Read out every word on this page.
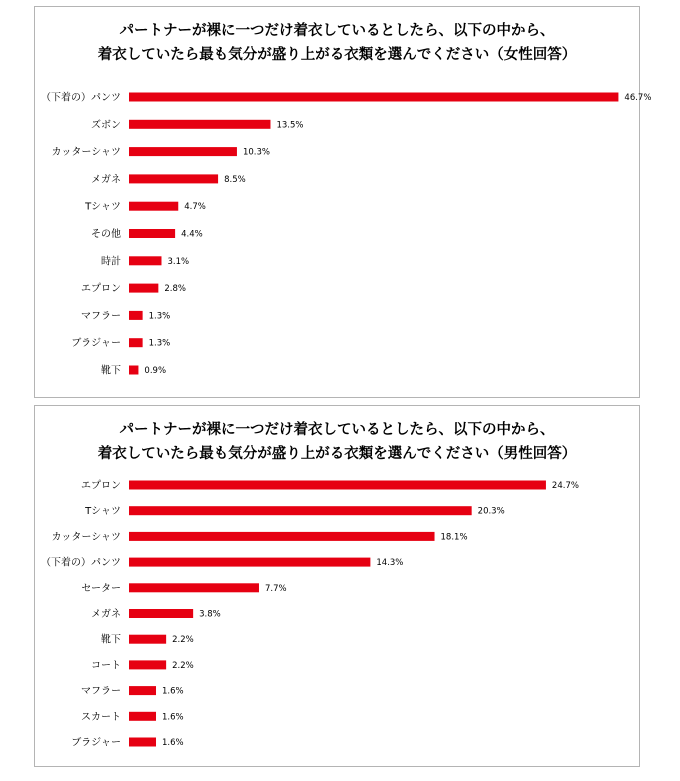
パートナーが裸に一つだけ着衣しているとしたら、以下の中から、
着衣していたら最も気分が盛り上がる衣類を選んでください（女性回答）
（下着の）パンツ	46.7%
ズボン	13.5%
カッターシャツ	10.3%
メガネ	8.5%
Tシャツ	4.7%
その他	4.4%
時計	3.1%
エプロン	2.8%
マフラー	1.3%
ブラジャー	1.3%
靴下	0.9%
パートナーが裸に一つだけ着衣しているとしたら、以下の中から、
着衣していたら最も気分が盛り上がる衣類を選んでください（男性回答）
エプロン	24.7%
Tシャツ	20.3%
カッターシャツ	18.1%
（下着の）パンツ	14.3%
セーター	7.7%
メガネ	3.8%
靴下	2.2%
コート	2.2%
マフラー	1.6%
スカート	1.6%
ブラジャー	1.6%
